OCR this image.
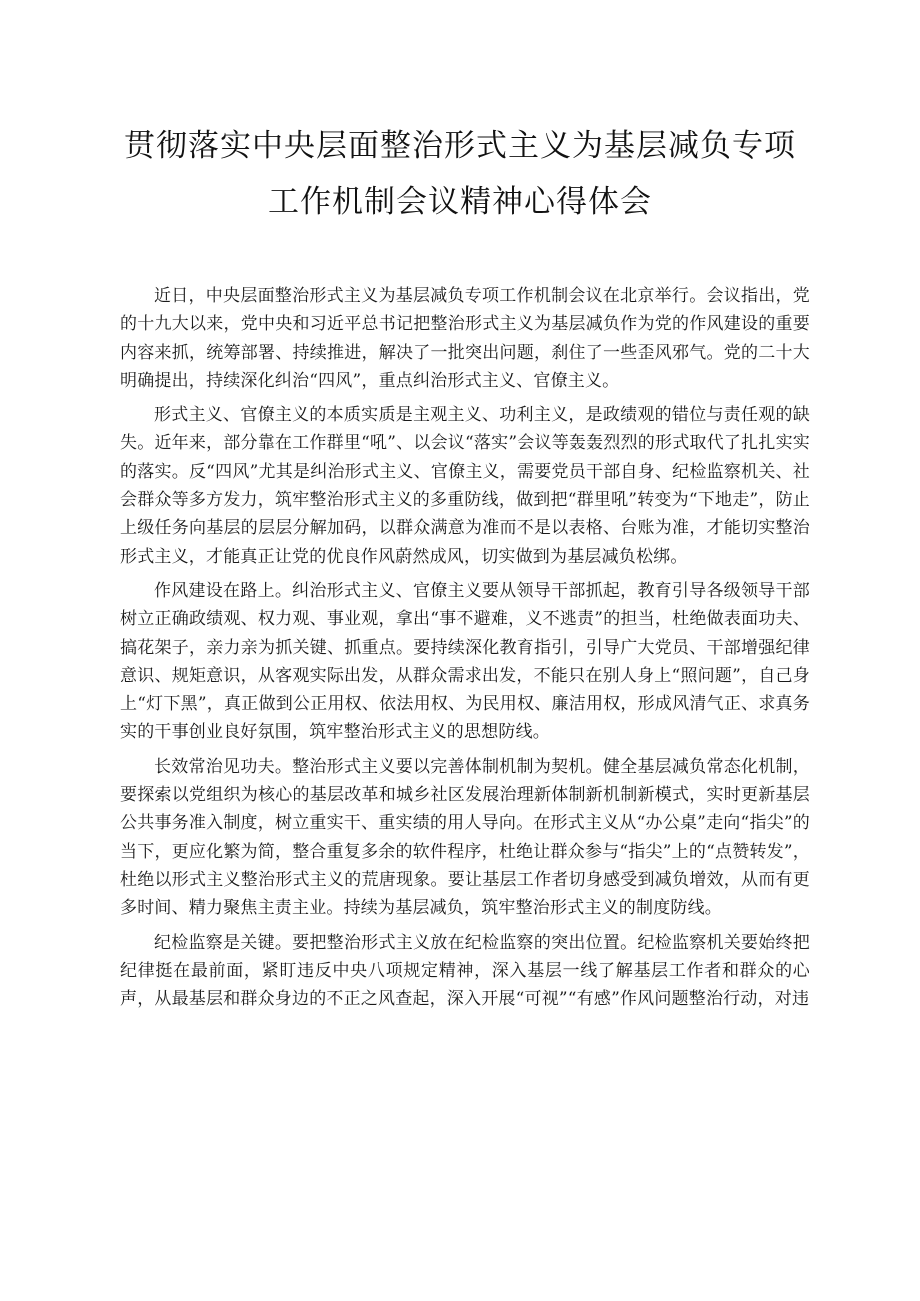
贯彻落实中央层面整治形式主义为基层减负专项工作机制会议精神心得体会

近日，中央层面整治形式主义为基层减负专项工作机制会议在北京举行。会议指出，党的十九大以来，党中央和习近平总书记把整治形式主义为基层减负作为党的作风建设的重要内容来抓，统筹部署、持续推进，解决了一批突出问题，刹住了一些歪风邪气。党的二十大明确提出，持续深化纠治“四风”，重点纠治形式主义、官僚主义。

形式主义、官僚主义的本质实质是主观主义、功利主义，是政绩观的错位与责任观的缺失。近年来，部分靠在工作群里“吼”、以会议“落实”会议等轰轰烈烈的形式取代了扎扎实实的落实。反“四风”尤其是纠治形式主义、官僚主义，需要党员干部自身、纪检监察机关、社会群众等多方发力，筑牢整治形式主义的多重防线，做到把“群里吼”转变为“下地走”，防止上级任务向基层的层层分解加码，以群众满意为准而不是以表格、台账为准，才能切实整治形式主义，才能真正让党的优良作风蔚然成风，切实做到为基层减负松绑。

作风建设在路上。纠治形式主义、官僚主义要从领导干部抓起，教育引导各级领导干部树立正确政绩观、权力观、事业观，拿出“事不避难，义不逃责”的担当，杜绝做表面功夫、搞花架子，亲力亲为抓关键、抓重点。要持续深化教育指引，引导广大党员、干部增强纪律意识、规矩意识，从客观实际出发，从群众需求出发，不能只在别人身上“照问题”，自己身上“灯下黑”，真正做到公正用权、依法用权、为民用权、廉洁用权，形成风清气正、求真务实的干事创业良好氛围，筑牢整治形式主义的思想防线。

长效常治见功夫。整治形式主义要以完善体制机制为契机。健全基层减负常态化机制，要探索以党组织为核心的基层改革和城乡社区发展治理新体制新机制新模式，实时更新基层公共事务准入制度，树立重实干、重实绩的用人导向。在形式主义从“办公桌”走向“指尖”的当下，更应化繁为简，整合重复多余的软件程序，杜绝让群众参与“指尖”上的“点赞转发”，杜绝以形式主义整治形式主义的荒唐现象。要让基层工作者切身感受到减负增效，从而有更多时间、精力聚焦主责主业。持续为基层减负，筑牢整治形式主义的制度防线。

纪检监察是关键。要把整治形式主义放在纪检监察的突出位置。纪检监察机关要始终把纪律挺在最前面，紧盯违反中央八项规定精神，深入基层一线了解基层工作者和群众的心声，从最基层和群众身边的不正之风查起，深入开展“可视”“有感”作风问题整治行动，对违
